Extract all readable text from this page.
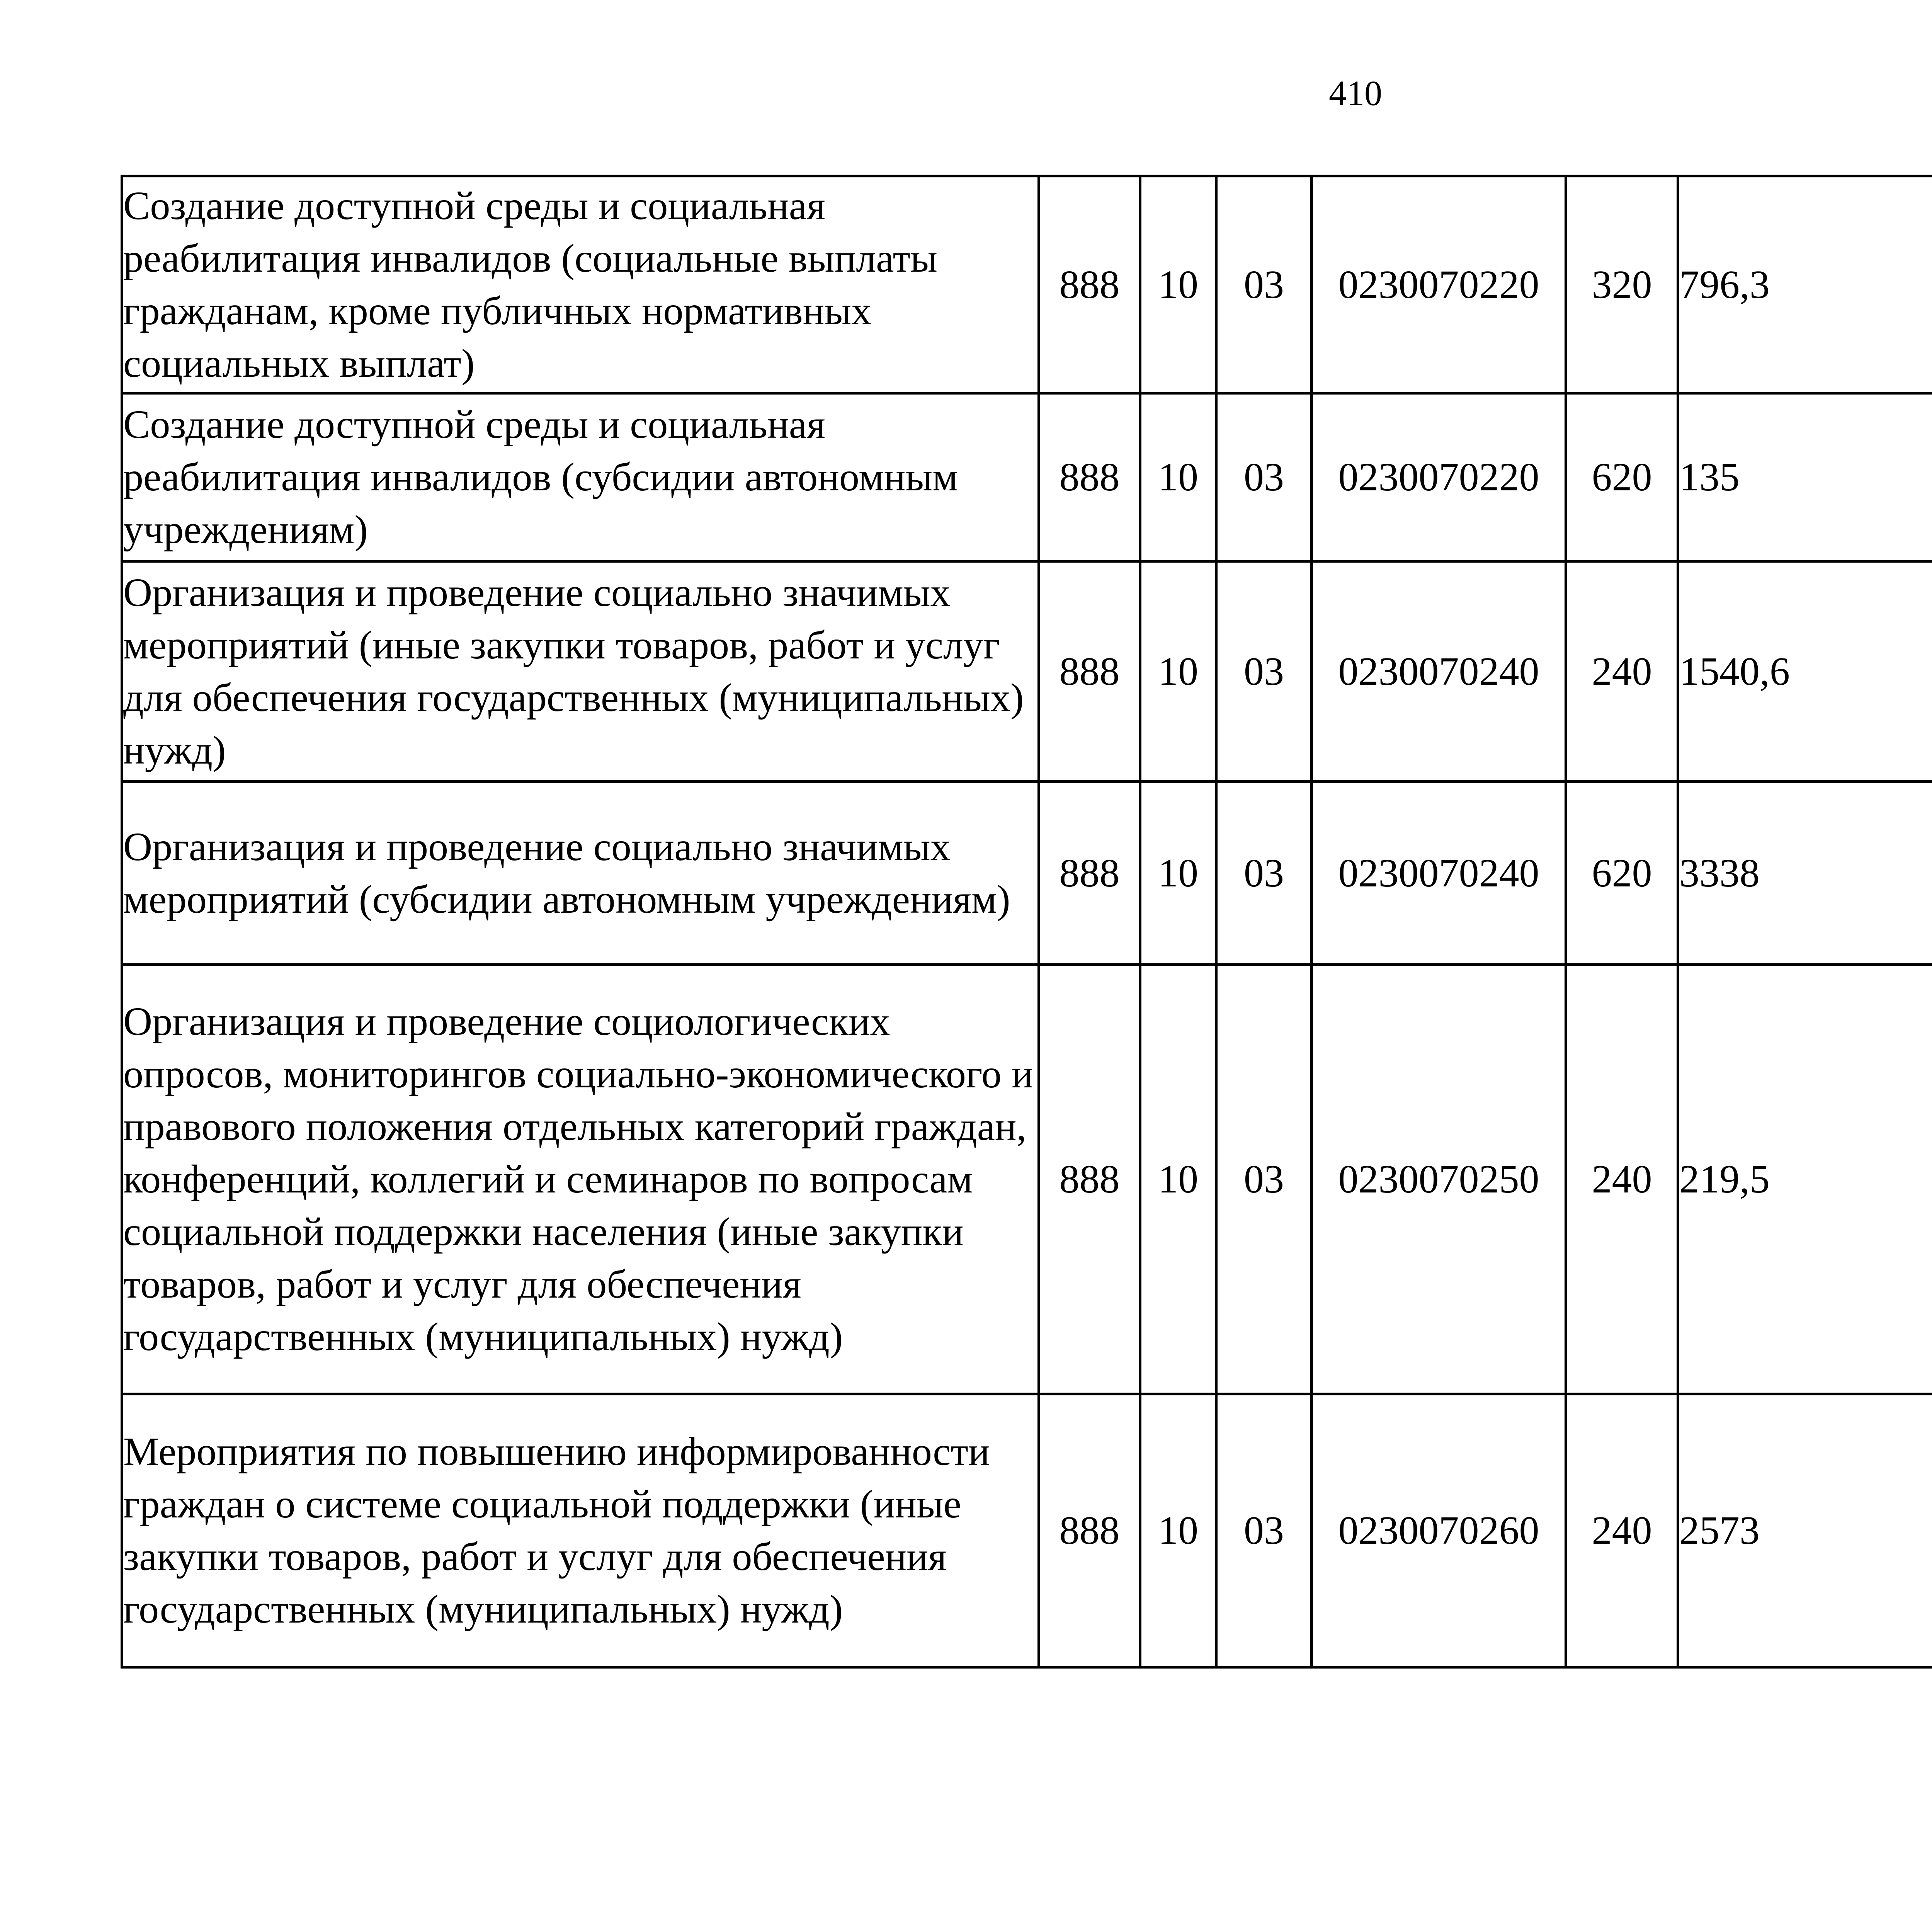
410
Создание доступной среды и социальная реабилитация инвалидов (социальные выплаты гражданам, кроме публичных нормативных социальных выплат)	888	10	03	0230070220	320	796,3		
Создание доступной среды и социальная реабилитация инвалидов (субсидии автономным учреждениям)	888	10	03	0230070220	620	135		
Организация и проведение социально значимых мероприятий (иные закупки товаров, работ и услуг для обеспечения государственных (муниципальных) нужд)	888	10	03	0230070240	240	1540,6		
Организация и проведение социально значимых мероприятий (субсидии автономным учреждениям)	888	10	03	0230070240	620	3338		
Организация и проведение социологических опросов, мониторингов социально-экономического и правового положения отдельных категорий граждан, конференций, коллегий и семинаров по вопросам социальной поддержки населения (иные закупки товаров, работ и услуг для обеспечения государственных (муниципальных) нужд)	888	10	03	0230070250	240	219,5		
Мероприятия по повышению информированности граждан о системе социальной поддержки (иные закупки товаров, работ и услуг для обеспечения государственных (муниципальных) нужд)	888	10	03	0230070260	240	2573		
